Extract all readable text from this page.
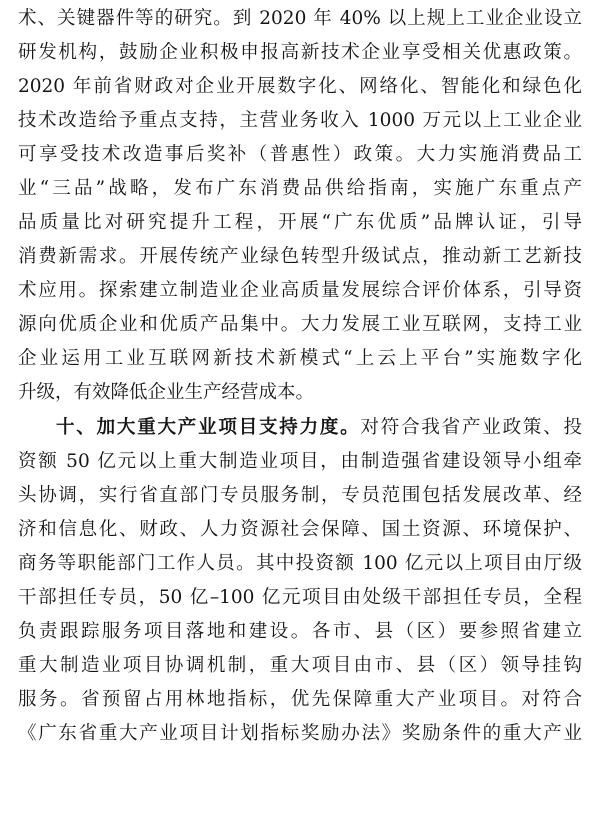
术、关键器件等的研究。到 2020 年 40% 以上规上工业企业设立

研发机构，鼓励企业积极申报高新技术企业享受相关优惠政策。

2020 年前省财政对企业开展数字化、网络化、智能化和绿色化

技术改造给予重点支持，主营业务收入 1000 万元以上工业企业

可享受技术改造事后奖补（普惠性）政策。大力实施消费品工

业“三品”战略，发布广东消费品供给指南，实施广东重点产

品质量比对研究提升工程，开展“广东优质”品牌认证，引导

消费新需求。开展传统产业绿色转型升级试点，推动新工艺新技

术应用。探索建立制造业企业高质量发展综合评价体系，引导资

源向优质企业和优质产品集中。大力发展工业互联网，支持工业

企业运用工业互联网新技术新模式“上云上平台”实施数字化

升级，有效降低企业生产经营成本。

十、加大重大产业项目支持力度。对符合我省产业政策、投

资额 50 亿元以上重大制造业项目，由制造强省建设领导小组牵

头协调，实行省直部门专员服务制，专员范围包括发展改革、经

济和信息化、财政、人力资源社会保障、国土资源、环境保护、

商务等职能部门工作人员。其中投资额 100 亿元以上项目由厅级

干部担任专员，50 亿–100 亿元项目由处级干部担任专员，全程

负责跟踪服务项目落地和建设。各市、县（区）要参照省建立

重大制造业项目协调机制，重大项目由市、县（区）领导挂钩

服务。省预留占用林地指标，优先保障重大产业项目。对符合

《广东省重大产业项目计划指标奖励办法》奖励条件的重大产业
